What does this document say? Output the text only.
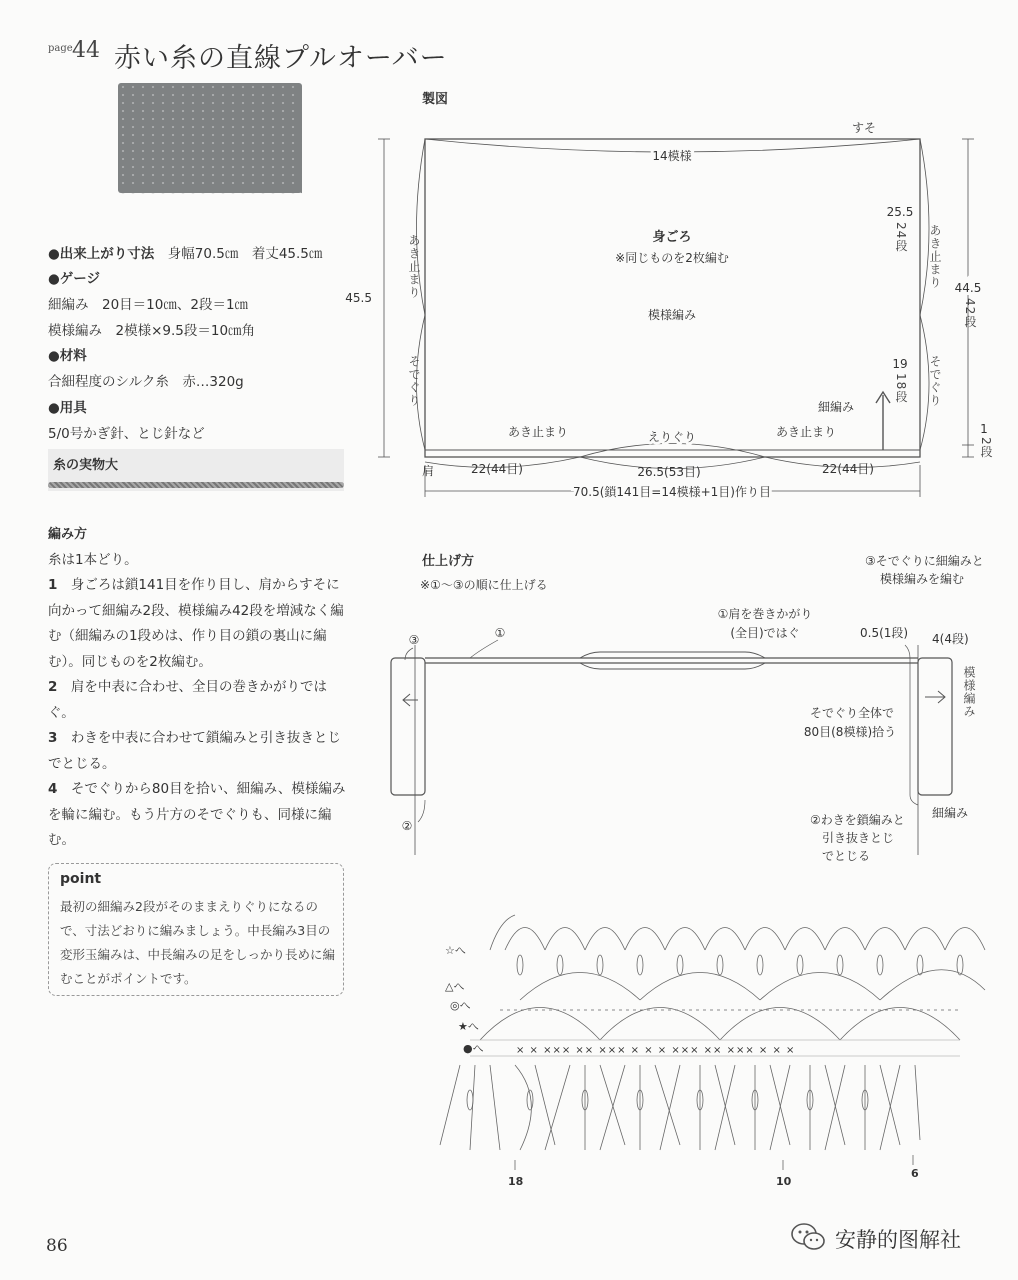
page 44 赤い糸の直線プルオーバー
●出来上がり寸法　 身幅70.5㎝　着丈45.5㎝
●ゲージ
細編み　20目＝10㎝、2段＝1㎝
模様編み　2模様×9.5段＝10㎝角
●材料
合細程度のシルク糸　赤…320g
●用具
5/0号かぎ針、とじ針など
糸の実物大
編み方
糸は1本どり。
1　 身ごろは鎖141目を作り目し、肩からすそに向かって細編み2段、模様編み42段を増減なく編む（細編みの1段めは、作り目の鎖の裏山に編む）。同じものを2枚編む。
2　 肩を中表に合わせ、全目の巻きかがりではぐ。
3　 わきを中表に合わせて鎖編みと引き抜きとじでとじる。
4　 そでぐりから80目を拾い、細編み、模様編みを輪に編む。もう片方のそでぐりも、同様に編む。
point
最初の細編み2段がそのままえりぐりになるので、寸法どおりに編みましょう。中長編み3目の変形玉編みは、中長編みの足をしっかり長めに編むことがポイントです。
製図
すそ
14模様
身ごろ
※同じものを2枚編む
模様編み
45.5
25.5
19
44.5
1
細編み
あき止まり	えりぐり	あき止まり
肩	22(44目)	26.5(53目)	22(44目)
70.5(鎖141目=14模様+1目)作り目
仕上げ方
※①〜③の順に仕上げる
③そでぐりに細編みと
模様編みを編む
①肩を巻きかがり
(全目)ではぐ
③	①
②
0.5(1段) 4(4段)
そでぐり全体で
80目(8模様)拾う
細編み
②わきを鎖編みと
引き抜きとじ
でとじる
☆へ
△へ
◎へ
★へ
●へ	× × ××× ×× ××× × × × ××× ×× ××× × × ×
18	10
6
あき止まり
そでぐり
24段 あき止まり
42段
18段 そでぐり
2段
模様編み
86	安静的图解社
